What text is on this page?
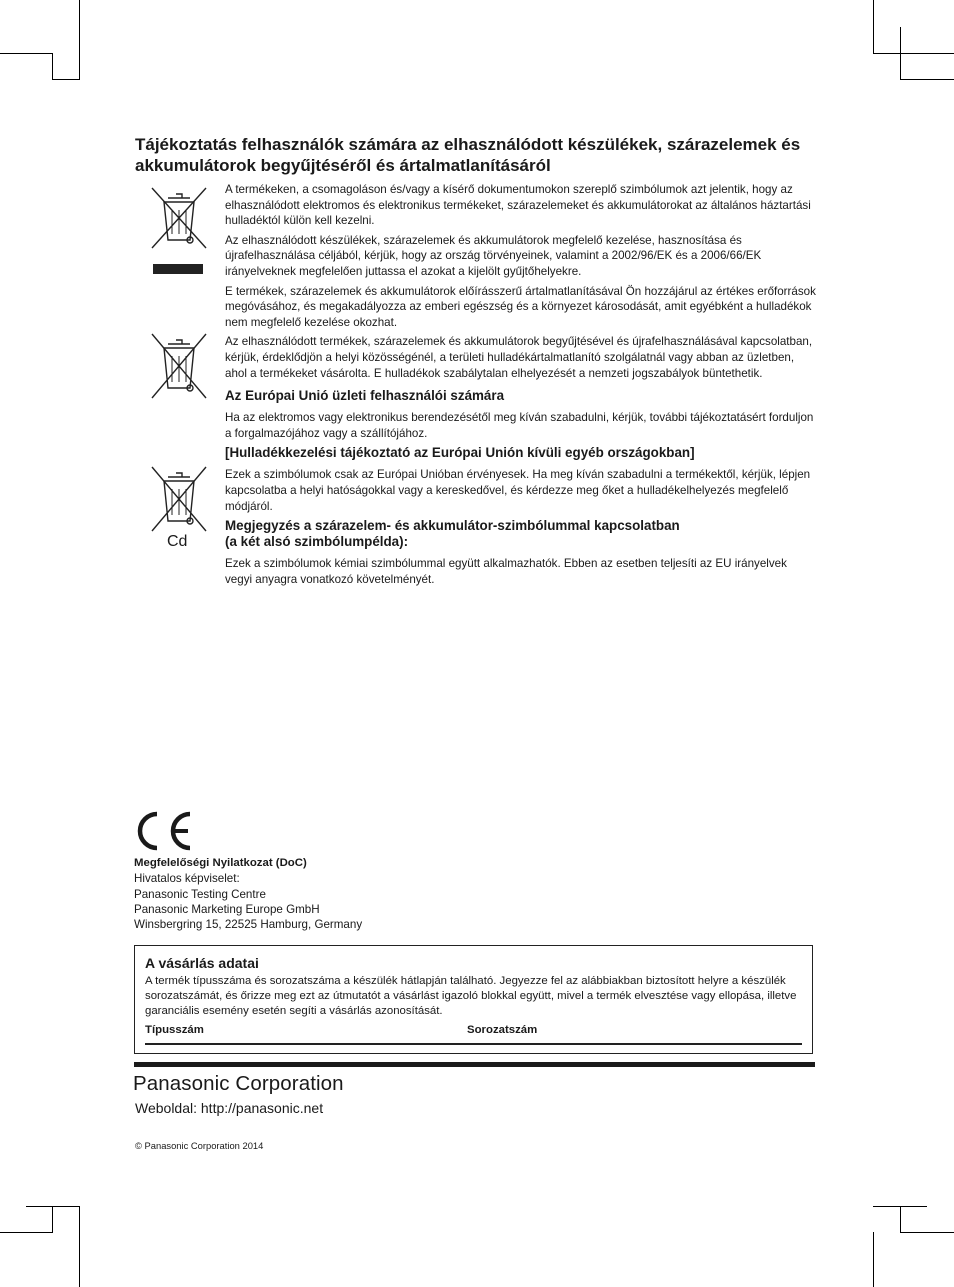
Tájékoztatás felhasználók számára az elhasználódott készülékek, szárazelemek és akkumulátorok begyűjtéséről és ártalmatlanításáról
Cd

A termékeken, a csomagoláson és/vagy a kísérő dokumentumokon szereplő szimbólumok azt jelentik, hogy az elhasználódott elektromos és elektronikus termékeket, szárazelemeket és akkumulátorokat az általános háztartási hulladéktól külön kell kezelni.

Az elhasználódott készülékek, szárazelemek és akkumulátorok megfelelő kezelése, hasznosítása és újrafelhasználása céljából, kérjük, hogy az ország törvényeinek, valamint a 2002/96/EK és a 2006/66/EK irányelveknek megfelelően juttassa el azokat a kijelölt gyűjtőhelyekre.

E termékek, szárazelemek és akkumulátorok előírásszerű ártalmatlanításával Ön hozzájárul az értékes erőforrások megóvásához, és megakadályozza az emberi egészség és a környezet károsodását, amit egyébként a hulladékok nem megfelelő kezelése okozhat.

Az elhasználódott termékek, szárazelemek és akkumulátorok begyűjtésével és újrafelhasználásával kapcsolatban, kérjük, érdeklődjön a helyi közösségénél, a területi hulladékártalmatlanító szolgálatnál vagy abban az üzletben, ahol a termékeket vásárolta. E hulladékok szabálytalan elhelyezését a nemzeti jogszabályok büntethetik.

Az Európai Unió üzleti felhasználói számára

Ha az elektromos vagy elektronikus berendezésétől meg kíván szabadulni, kérjük, további tájékoztatásért forduljon a forgalmazójához vagy a szállítójához.

[Hulladékkezelési tájékoztató az Európai Unión kívüli egyéb országokban]

Ezek a szimbólumok csak az Európai Unióban érvényesek. Ha meg kíván szabadulni a termékektől, kérjük, lépjen kapcsolatba a helyi hatóságokkal vagy a kereskedővel, és kérdezze meg őket a hulladékelhelyezés megfelelő módjáról.

Megjegyzés a szárazelem- és akkumulátor-szimbólummal kapcsolatban
(a két alsó szimbólumpélda):

Ezek a szimbólumok kémiai szimbólummal együtt alkalmazhatók. Ebben az esetben teljesíti az EU irányelvek vegyi anyagra vonatkozó követelményét.

Megfelelőségi Nyilatkozat (DoC)
Hivatalos képviselet:
Panasonic Testing Centre
Panasonic Marketing Europe GmbH
Winsbergring 15, 22525 Hamburg, Germany
A vásárlás adatai
A termék típusszáma és sorozatszáma a készülék hátlapján található. Jegyezze fel az alábbiakban biztosított helyre a készülék sorozatszámát, és őrizze meg ezt az útmutatót a vásárlást igazoló blokkal együtt, mivel a termék elvesztése vagy ellopása, illetve garanciális esemény esetén segíti a vásárlás azonosítását.
Típusszám	Sorozatszám
Panasonic Corporation
Weboldal: http://panasonic.net
© Panasonic Corporation 2014
